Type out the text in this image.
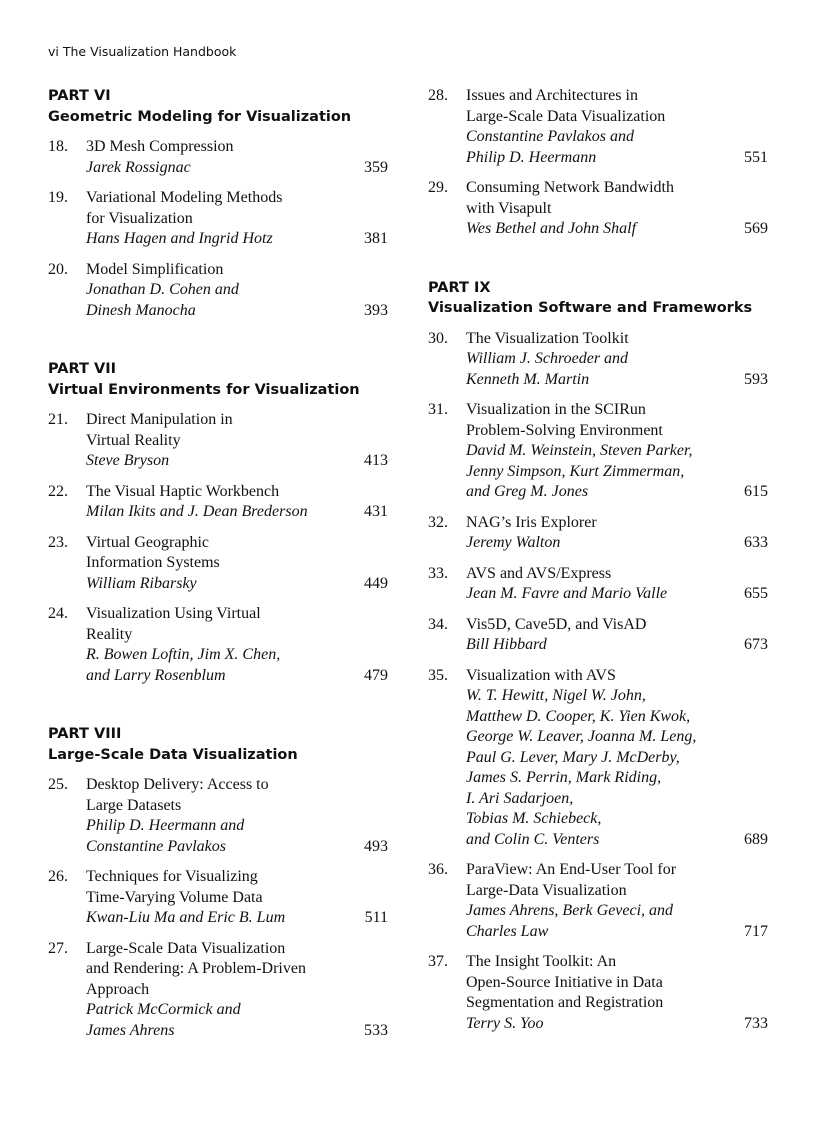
vi The Visualization Handbook
PART VI
Geometric Modeling for Visualization
18. 3D Mesh Compression
Jarek Rossignac	359
19. Variational Modeling Methods
for Visualization
Hans Hagen and Ingrid Hotz	381
20. Model Simplification
Jonathan D. Cohen and
Dinesh Manocha	393
PART VII
Virtual Environments for Visualization
21. Direct Manipulation in
Virtual Reality
Steve Bryson	413
22. The Visual Haptic Workbench
Milan Ikits and J. Dean Brederson	431
23. Virtual Geographic
Information Systems
William Ribarsky	449
24. Visualization Using Virtual
Reality
R. Bowen Loftin, Jim X. Chen,
and Larry Rosenblum	479
PART VIII
Large-Scale Data Visualization
25. Desktop Delivery: Access to
Large Datasets
Philip D. Heermann and
Constantine Pavlakos	493
26. Techniques for Visualizing
Time-Varying Volume Data
Kwan-Liu Ma and Eric B. Lum	511
27. Large-Scale Data Visualization
and Rendering: A Problem-Driven
Approach
Patrick McCormick and
James Ahrens	533
28. Issues and Architectures in
Large-Scale Data Visualization
Constantine Pavlakos and
Philip D. Heermann	551
29. Consuming Network Bandwidth
with Visapult
Wes Bethel and John Shalf	569
PART IX
Visualization Software and Frameworks
30. The Visualization Toolkit
William J. Schroeder and
Kenneth M. Martin	593
31. Visualization in the SCIRun
Problem-Solving Environment
David M. Weinstein, Steven Parker,
Jenny Simpson, Kurt Zimmerman,
and Greg M. Jones	615
32. NAG’s Iris Explorer
Jeremy Walton	633
33. AVS and AVS/Express
Jean M. Favre and Mario Valle	655
34. Vis5D, Cave5D, and VisAD
Bill Hibbard	673
35. Visualization with AVS
W. T. Hewitt, Nigel W. John,
Matthew D. Cooper, K. Yien Kwok,
George W. Leaver, Joanna M. Leng,
Paul G. Lever, Mary J. McDerby,
James S. Perrin, Mark Riding,
I. Ari Sadarjoen,
Tobias M. Schiebeck,
and Colin C. Venters	689
36. ParaView: An End-User Tool for
Large-Data Visualization
James Ahrens, Berk Geveci, and
Charles Law	717
37. The Insight Toolkit: An
Open-Source Initiative in Data
Segmentation and Registration
Terry S. Yoo	733
